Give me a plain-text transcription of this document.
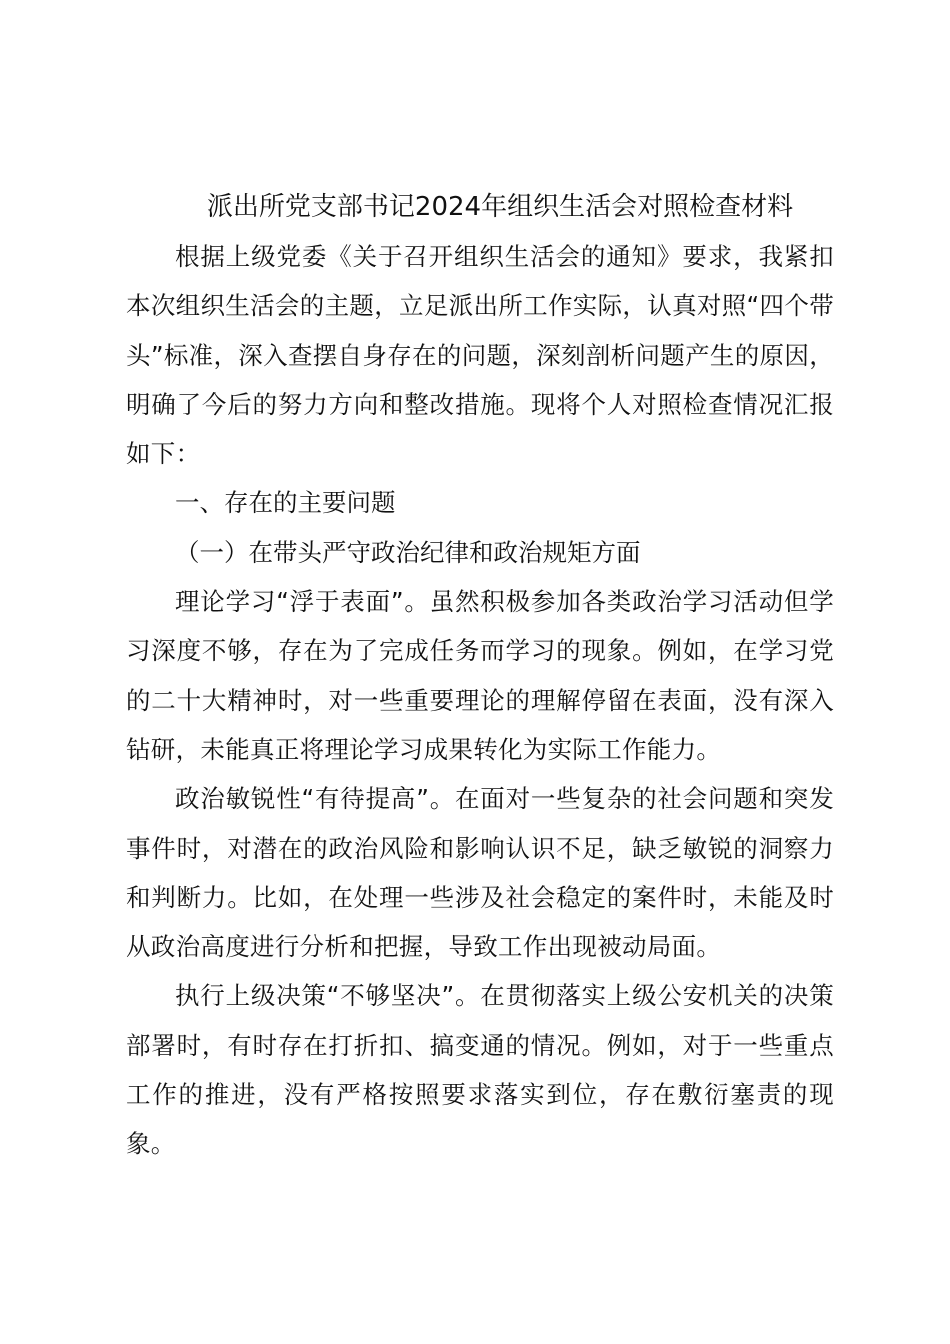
派出所党支部书记2024年组织生活会对照检查材料

根据上级党委《关于召开组织生活会的通知》要求，我紧扣本次组织生活会的主题，立足派出所工作实际，认真对照“四个带头”标准，深入查摆自身存在的问题，深刻剖析问题产生的原因，明确了今后的努力方向和整改措施。现将个人对照检查情况汇报如下：

一、存在的主要问题

（一）在带头严守政治纪律和政治规矩方面

理论学习“浮于表面”。虽然积极参加各类政治学习活动但学习深度不够，存在为了完成任务而学习的现象。例如，在学习党的二十大精神时，对一些重要理论的理解停留在表面，没有深入钻研，未能真正将理论学习成果转化为实际工作能力。

政治敏锐性“有待提高”。在面对一些复杂的社会问题和突发事件时，对潜在的政治风险和影响认识不足，缺乏敏锐的洞察力和判断力。比如，在处理一些涉及社会稳定的案件时，未能及时从政治高度进行分析和把握，导致工作出现被动局面。

执行上级决策“不够坚决”。在贯彻落实上级公安机关的决策部署时，有时存在打折扣、搞变通的情况。例如，对于一些重点工作的推进，没有严格按照要求落实到位，存在敷衍塞责的现象。
